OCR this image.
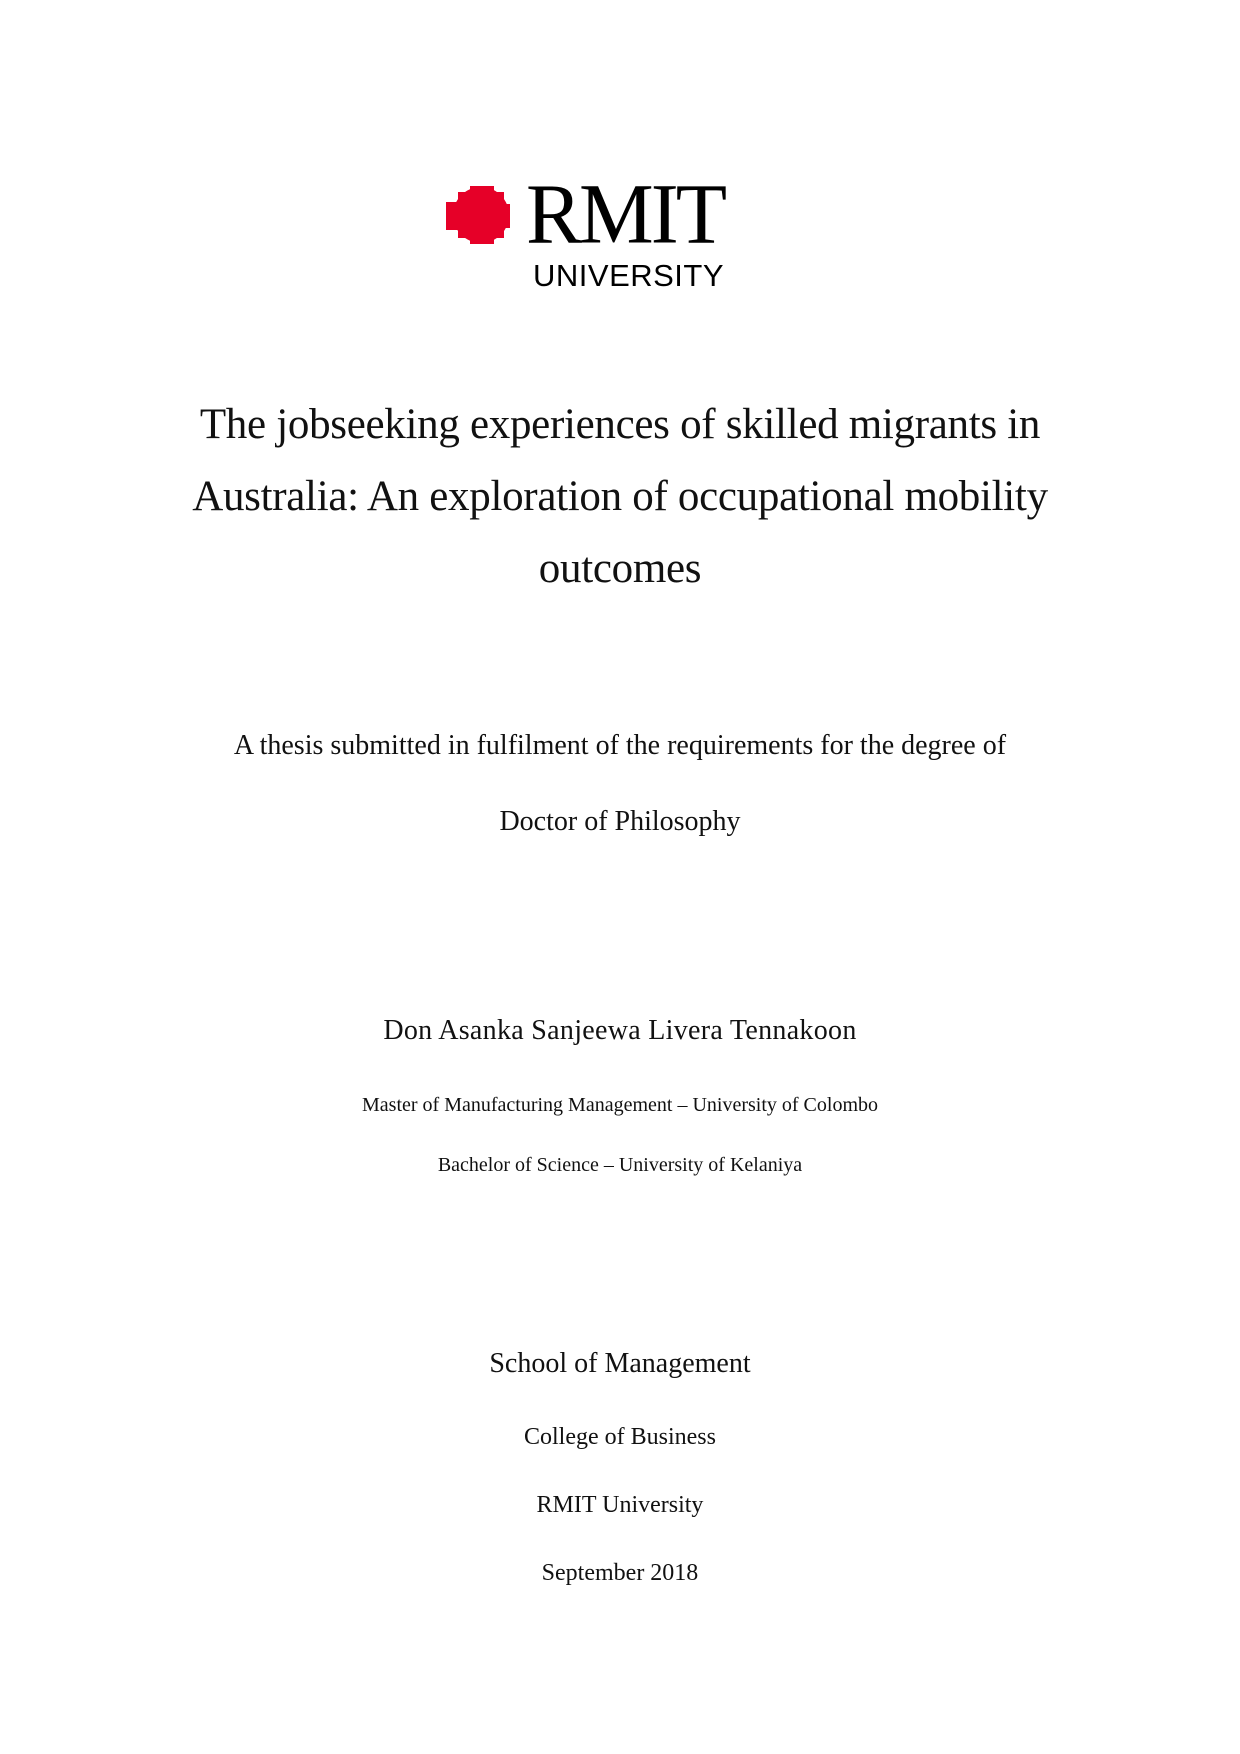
RMIT
UNIVERSITY
The jobseeking experiences of skilled migrants in
Australia: An exploration of occupational mobility
outcomes
A thesis submitted in fulfilment of the requirements for the degree of
Doctor of Philosophy
Don Asanka Sanjeewa Livera Tennakoon
Master of Manufacturing Management – University of Colombo
Bachelor of Science – University of Kelaniya
School of Management
College of Business
RMIT University
September 2018
